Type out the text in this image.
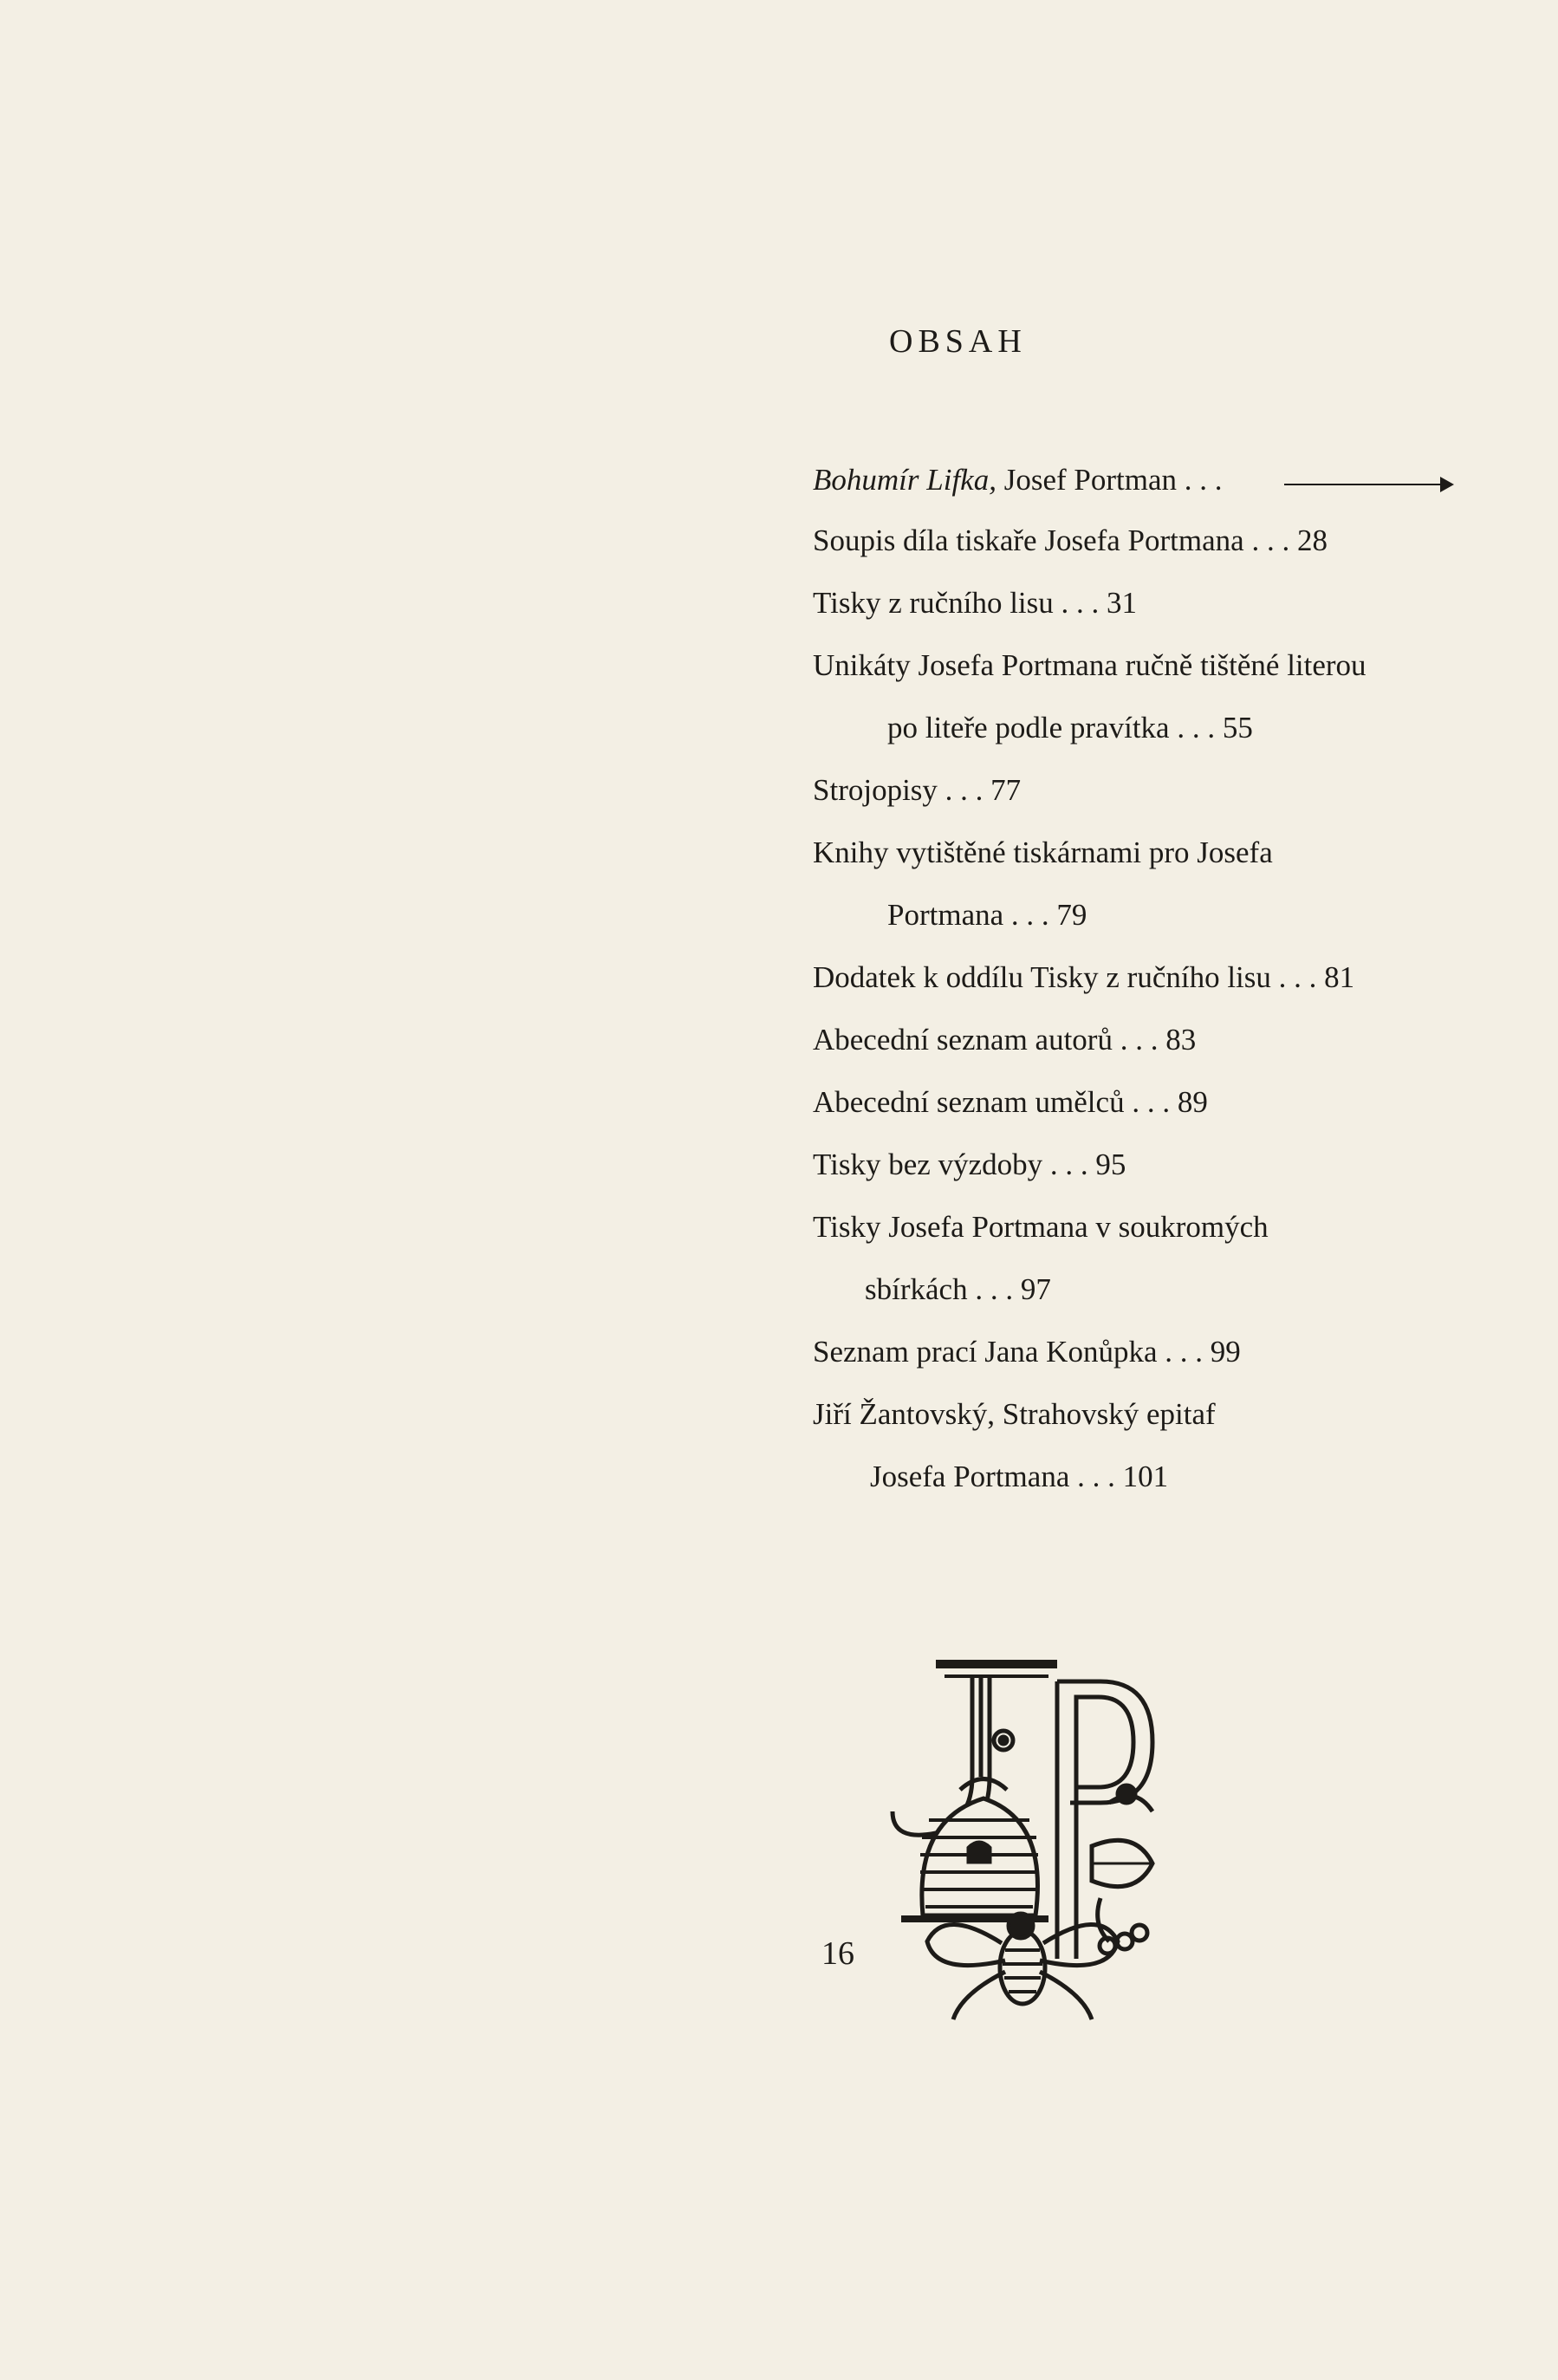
OBSAH
Bohumír Lifka, Josef Portman . . .
Soupis díla tiskaře Josefa Portmana . . . 28
Tisky z ručního lisu . . . 31
Unikáty Josefa Portmana ručně tištěné literou
po liteře podle pravítka . . . 55
Strojopisy . . . 77
Knihy vytištěné tiskárnami pro Josefa
Portmana . . . 79
Dodatek k oddílu Tisky z ručního lisu . . . 81
Abecední seznam autorů . . . 83
Abecední seznam umělců . . . 89
Tisky bez výzdoby . . . 95
Tisky Josefa Portmana v soukromých
sbírkách . . . 97
Seznam prací Jana Konůpka . . . 99
Jiří Žantovský, Strahovský epitaf
Josefa Portmana . . . 101
16
